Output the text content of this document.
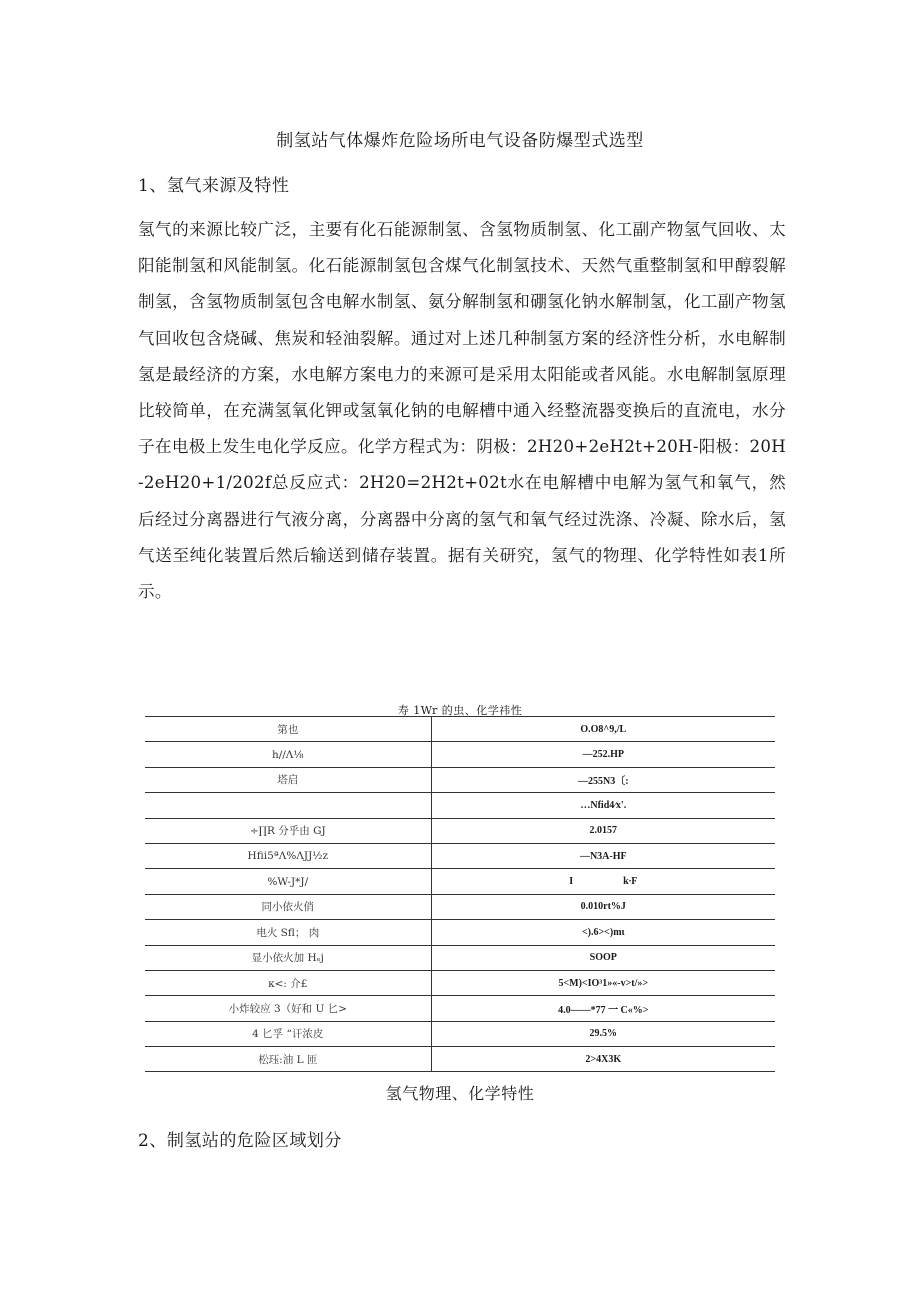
制氢站气体爆炸危险场所电气设备防爆型式选型
1、氢气来源及特性
氢气的来源比较广泛，主要有化石能源制氢、含氢物质制氢、化工副产物氢气回收、太阳能制氢和风能制氢。化石能源制氢包含煤气化制氢技术、天然气重整制氢和甲醇裂解制氢，含氢物质制氢包含电解水制氢、氨分解制氢和硼氢化钠水解制氢，化工副产物氢气回收包含烧碱、焦炭和轻油裂解。通过对上述几种制氢方案的经济性分析，水电解制氢是最经济的方案，水电解方案电力的来源可是采用太阳能或者风能。水电解制氢原理比较简单，在充满氢氧化钾或氢氧化钠的电解槽中通入经整流器变换后的直流电，水分子在电极上发生电化学反应。化学方程式为：阴极：2H20+2eH2t+20H-阳极：20H-2eH20+1/202f总反应式：2H20=2H2t+02t水在电解槽中电解为氢气和氧气，然后经过分离器进行气液分离，分离器中分离的氢气和氧气经过洗涤、冷凝、除水后，氢气送至纯化装置后然后输送到储存装置。据有关研究，氢气的物理、化学特性如表1所示。
寿 1Wr 的虫、化学祎性
第也	O.O8^9,/L
h//Λ⅛	—252.HP
塔启	—255N3〔:
	…Nfid4∕x'.
÷∏R 分乎由 GJ	2.0157
Hfii5ªΛ%ΛJJ½z	—N3A-HF
%W-J*J∕	I                    k∙F
同小依火俏	0.010rt%J
电火 Sfl； 肉	<).6><)mι
显小依火加 Hₑj	SOOP
κ<: 介£	5<M)<IO³1»«-v>t/»>
小炸较应 3（好和 U 匕>	4.0——*77 一 C«%>
4 匕孚 “讦浓皮	29.5%
松珏:油 L 匝	2>4X3K
氢气物理、化学特性
2、制氢站的危险区域划分
